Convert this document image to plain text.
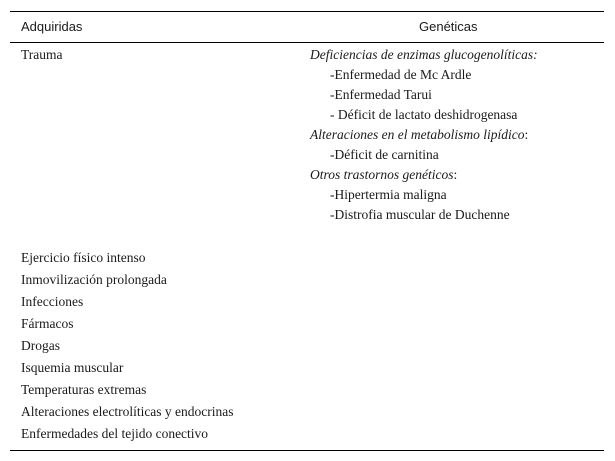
Adquiridas	Genéticas
Trauma	Deficiencias de enzimas glucogenolíticas:
-Enfermedad de Mc Ardle
-Enfermedad Tarui
- Déficit de lactato deshidrogenasa
Alteraciones en el metabolismo lipídico:
-Déficit de carnitina
Otros trastornos genéticos:
-Hipertermia maligna
-Distrofia muscular de Duchenne
Ejercicio físico intenso
Inmovilización prolongada
Infecciones
Fármacos
Drogas
Isquemia muscular
Temperaturas extremas
Alteraciones electrolíticas y endocrinas
Enfermedades del tejido conectivo
